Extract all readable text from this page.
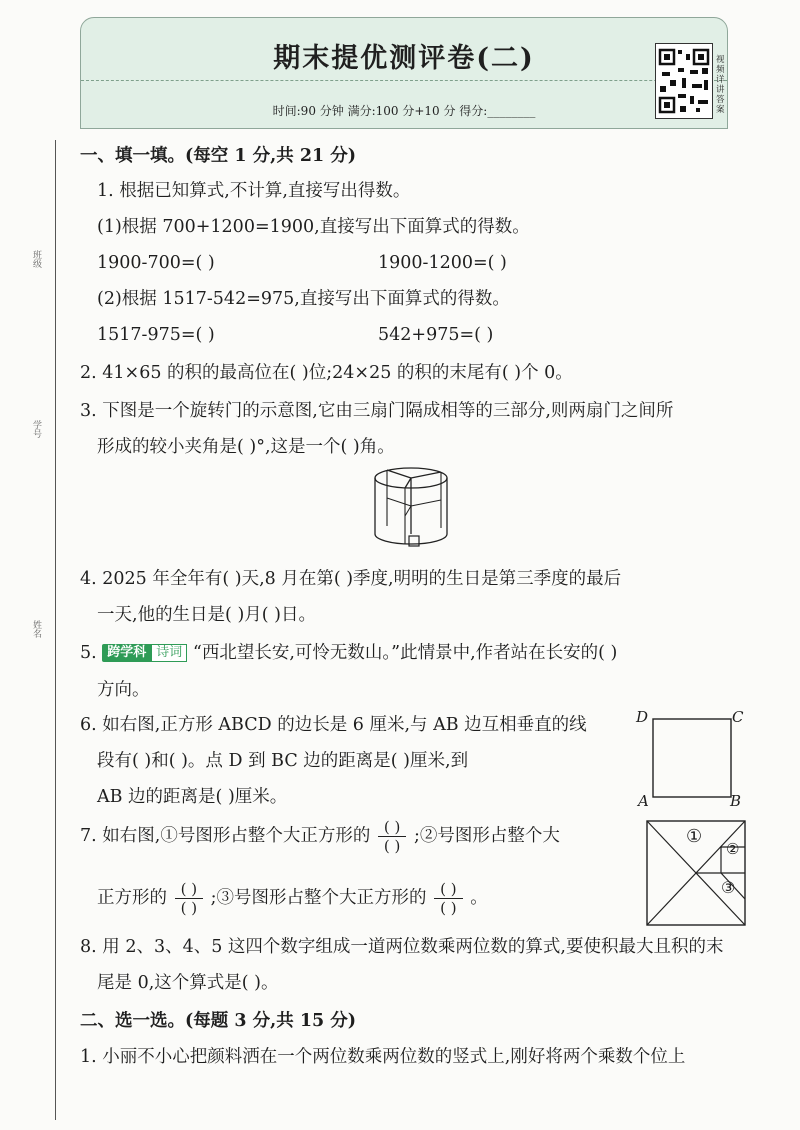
班级
姓名
学号
期末提优测评卷(二)
时间:90 分钟 满分:100 分+10 分 得分:________
视频详讲答案
一、填一填。(每空 1 分,共 21 分)
1. 根据已知算式,不计算,直接写出得数。
(1)根据 700+1200=1900,直接写出下面算式的得数。
1900-700=( )	1900-1200=( )
(2)根据 1517-542=975,直接写出下面算式的得数。
1517-975=( )	542+975=( )
2. 41×65 的积的最高位在( )位;24×25 的积的末尾有( )个 0。
3. 下图是一个旋转门的示意图,它由三扇门隔成相等的三部分,则两扇门之间所
形成的较小夹角是( )°,这是一个( )角。
4. 2025 年全年有( )天,8 月在第( )季度,明明的生日是第三季度的最后
一天,他的生日是( )月( )日。
5. 跨学科 诗词 “西北望长安,可怜无数山。”此情景中,作者站在长安的( )
方向。
6. 如右图,正方形 ABCD 的边长是 6 厘米,与 AB 边互相垂直的线
段有( )和( )。点 D 到 BC 边的距离是( )厘米,到
AB 边的距离是( )厘米。
D	C
A	B
7. 如右图,①号图形占整个大正方形的 $\frac{( )}{( )}$ ;②号图形占整个大
正方形的 $\frac{( )}{( )}$ ;③号图形占整个大正方形的 $\frac{( )}{( )}$ 。
①
②
③
8. 用 2、3、4、5 这四个数字组成一道两位数乘两位数的算式,要使积最大且积的末
尾是 0,这个算式是( )。
二、选一选。(每题 3 分,共 15 分)
1. 小丽不小心把颜料洒在一个两位数乘两位数的竖式上,刚好将两个乘数个位上
